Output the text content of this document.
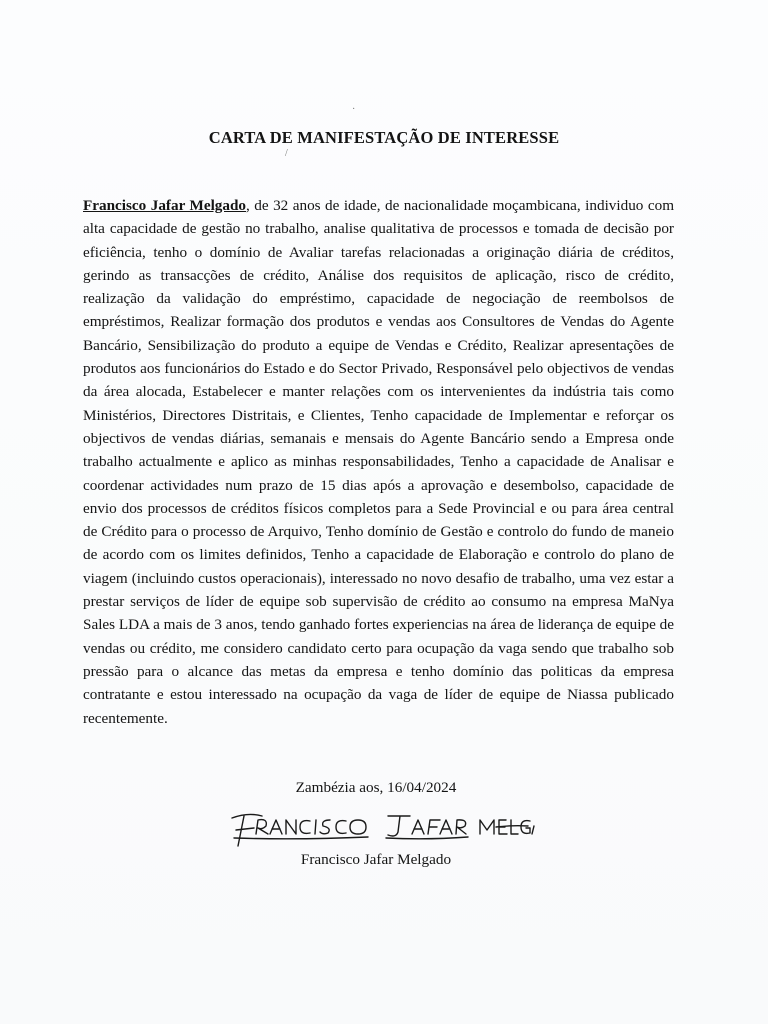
·
/
CARTA DE MANIFESTAÇÃO DE INTERESSE

Francisco Jafar Melgado, de 32 anos de idade, de nacionalidade moçambicana, individuo com alta capacidade de gestão no trabalho, analise qualitativa de processos e tomada de decisão por eficiência, tenho o domínio de Avaliar tarefas relacionadas a originação diária de créditos, gerindo as transacções de crédito, Análise dos requisitos de aplicação, risco de crédito, realização da validação do empréstimo, capacidade de negociação de reembolsos de empréstimos, Realizar formação dos produtos e vendas aos Consultores de Vendas do Agente Bancário, Sensibilização do produto a equipe de Vendas e Crédito, Realizar apresentações de produtos aos funcionários do Estado e do Sector Privado, Responsável pelo objectivos de vendas da área alocada, Estabelecer e manter relações com os intervenientes da indústria tais como Ministérios, Directores Distritais, e Clientes, Tenho capacidade de Implementar e reforçar os objectivos de vendas diárias, semanais e mensais do Agente Bancário sendo a Empresa onde trabalho actualmente e aplico as minhas responsabilidades, Tenho a capacidade de Analisar e coordenar actividades num prazo de 15 dias após a aprovação e desembolso, capacidade de envio dos processos de créditos físicos completos para a Sede Provincial e ou para área central de Crédito para o processo de Arquivo, Tenho domínio de Gestão e controlo do fundo de maneio de acordo com os limites definidos, Tenho a capacidade de Elaboração e controlo do plano de viagem (incluindo custos operacionais), interessado no novo desafio de trabalho, uma vez estar a prestar serviços de líder de equipe sob supervisão de crédito ao consumo na empresa MaNya Sales LDA a mais de 3 anos, tendo ganhado fortes experiencias na área de liderança de equipe de vendas ou crédito, me considero candidato certo para ocupação da vaga sendo que trabalho sob pressão para o alcance das metas da empresa e tenho domínio das politicas da empresa contratante e estou interessado na ocupação da vaga de líder de equipe de Niassa publicado recentemente.

Zambézia aos, 16/04/2024
Francisco Jafar Melgado
